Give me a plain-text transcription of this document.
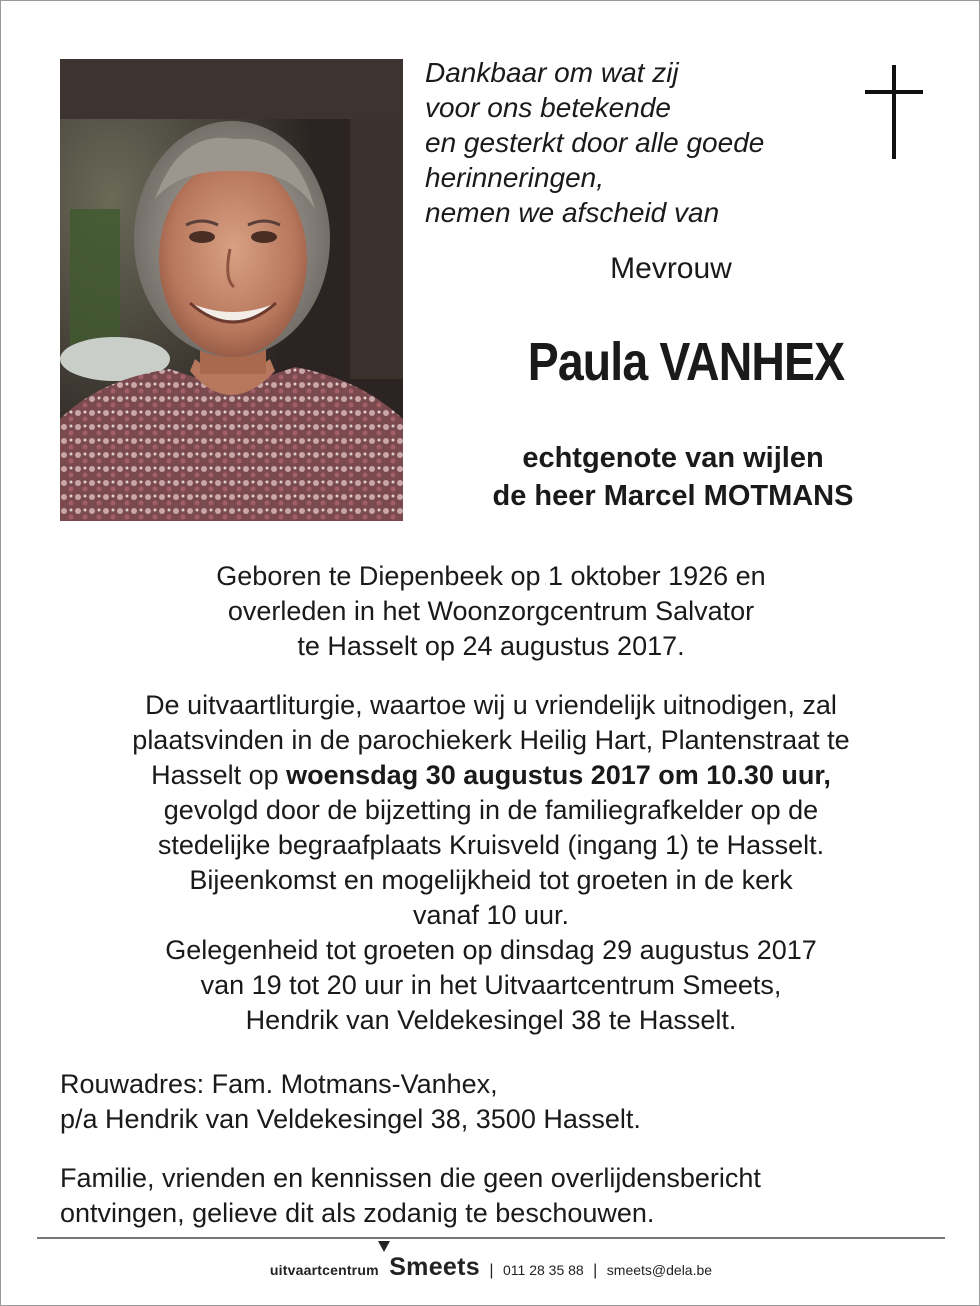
Dankbaar om wat zij
voor ons betekende
en gesterkt door alle goede
herinneringen,
nemen we afscheid van
Mevrouw
Paula VANHEX
echtgenote van wijlen
de heer Marcel MOTMANS
Geboren te Diepenbeek op 1 oktober 1926 en
overleden in het Woonzorgcentrum Salvator
te Hasselt op 24 augustus 2017.
De uitvaartliturgie, waartoe wij u vriendelijk uitnodigen, zal
plaatsvinden in de parochiekerk Heilig Hart, Plantenstraat te
Hasselt op woensdag 30 augustus 2017 om 10.30 uur,
gevolgd door de bijzetting in de familiegrafkelder op de
stedelijke begraafplaats Kruisveld (ingang 1) te Hasselt.
Bijeenkomst en mogelijkheid tot groeten in de kerk
vanaf 10 uur.
Gelegenheid tot groeten op dinsdag 29 augustus 2017
van 19 tot 20 uur in het Uitvaartcentrum Smeets,
Hendrik van Veldekesingel 38 te Hasselt.
Rouwadres: Fam. Motmans-Vanhex,
p/a Hendrik van Veldekesingel 38, 3500 Hasselt.
Familie, vrienden en kennissen die geen overlijdensbericht
ontvingen, gelieve dit als zodanig te beschouwen.
uitvaartcentrum Smeets | 011 28 35 88 | smeets@dela.be
